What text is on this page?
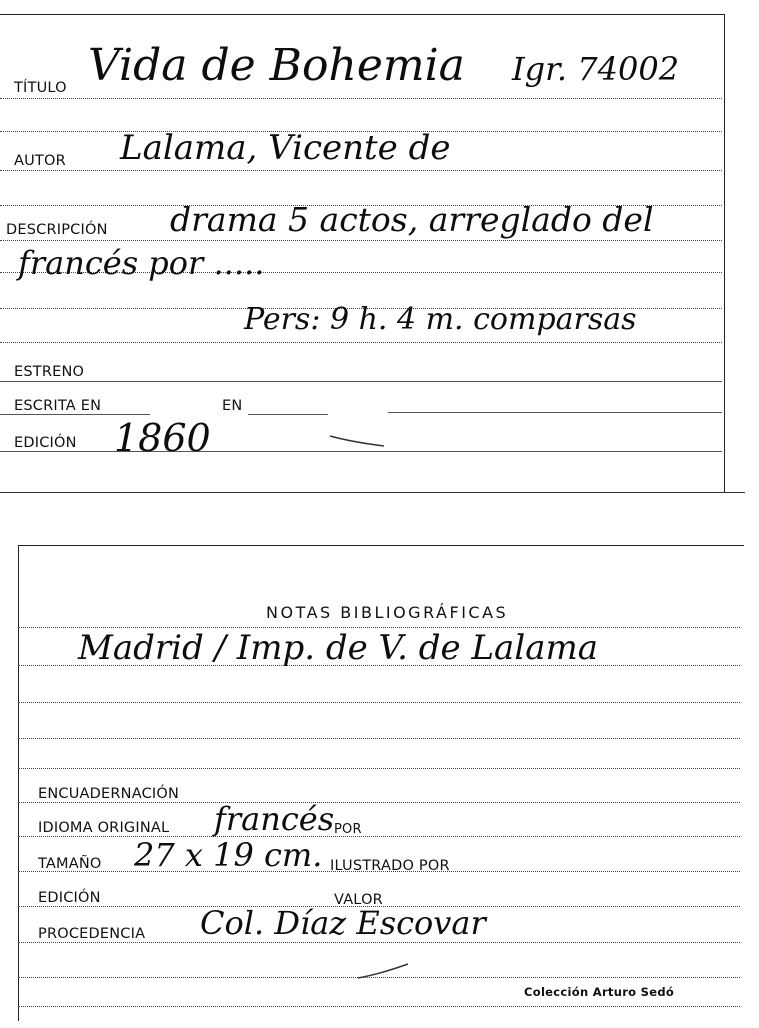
TÍTULO Vida de Bohemia Igr. 74002
AUTOR Lalama, Vicente de
DESCRIPCIÓN drama 5 actos, arreglado del
francés por .....
Pers: 9 h. 4 m. comparsas
ESTRENO
ESCRITA EN	EN
EDICIÓN 1860
NOTAS BIBLIOGRÁFICAS
Madrid / Imp. de V. de Lalama
ENCUADERNACIÓN
IDIOMA ORIGINAL francés POR
TAMAÑO 27 x 19 cm. ILUSTRADO POR
EDICIÓN	VALOR
PROCEDENCIA Col. Díaz Escovar
Colección Arturo Sedó
